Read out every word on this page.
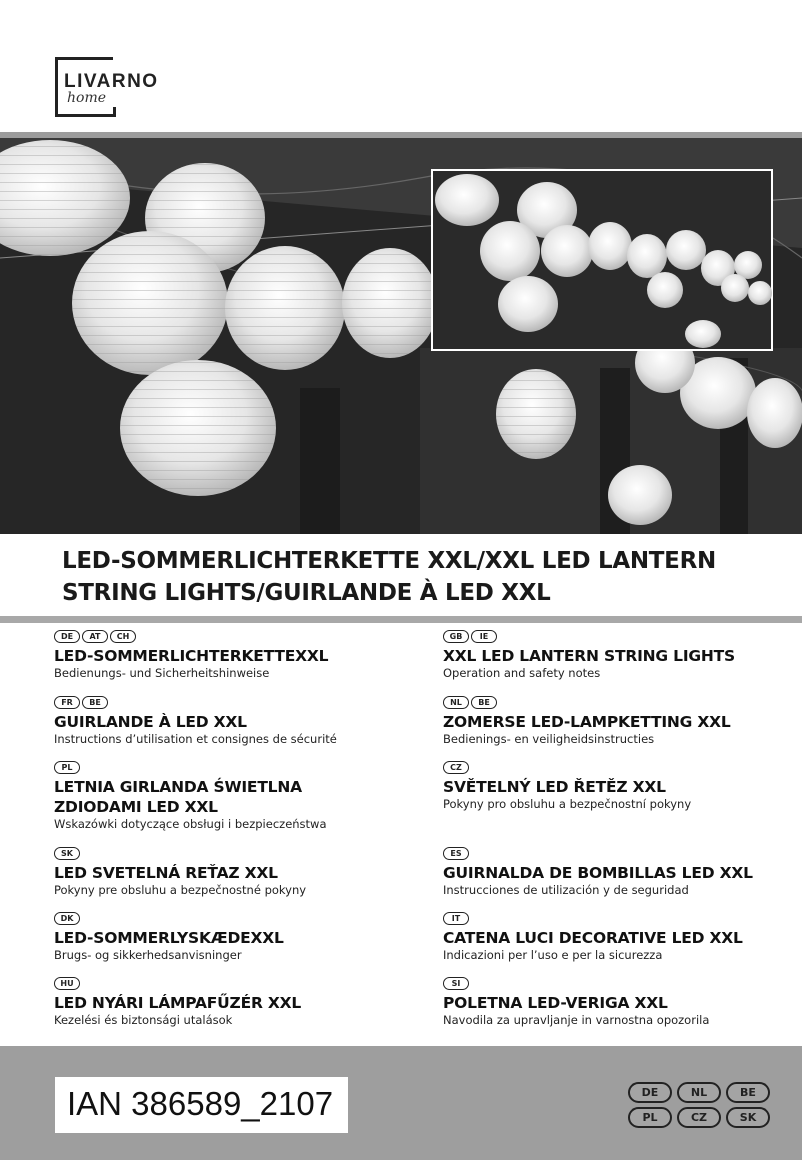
LIVARNO
home
LED-SOMMERLICHTERKETTE XXL/XXL LED LANTERN
STRING LIGHTS/GUIRLANDE À LED XXL
DE	AT	CH
LED-SOMMERLICHTERKETTEXXL
Bedienungs- und Sicherheitshinweise
FR	BE
GUIRLANDE À LED XXL
Instructions d’utilisation et consignes de sécurité
PL
LETNIA GIRLANDA ŚWIETLNA
ZDIODAMI LED XXL
Wskazówki dotyczące obsługi i bezpieczeństwa
SK
LED SVETELNÁ REŤAZ XXL
Pokyny pre obsluhu a bezpečnostné pokyny
DK
LED-SOMMERLYSKÆDEXXL
Brugs- og sikkerhedsanvisninger
HU
LED NYÁRI LÁMPAFŰZÉR XXL
Kezelési és biztonsági utalások
GB	IE
XXL LED LANTERN STRING LIGHTS
Operation and safety notes
NL	BE
ZOMERSE LED-LAMPKETTING XXL
Bedienings- en veiligheidsinstructies
CZ
SVĚTELNÝ LED ŘETĚZ XXL
Pokyny pro obsluhu a bezpečnostní pokyny
ES
GUIRNALDA DE BOMBILLAS LED XXL
Instrucciones de utilización y de seguridad
IT
CATENA LUCI DECORATIVE LED XXL
Indicazioni per l’uso e per la sicurezza
SI
POLETNA LED-VERIGA XXL
Navodila za upravljanje in varnostna opozorila
IAN 386589_2107	DE	NL	BE
PL	CZ	SK
